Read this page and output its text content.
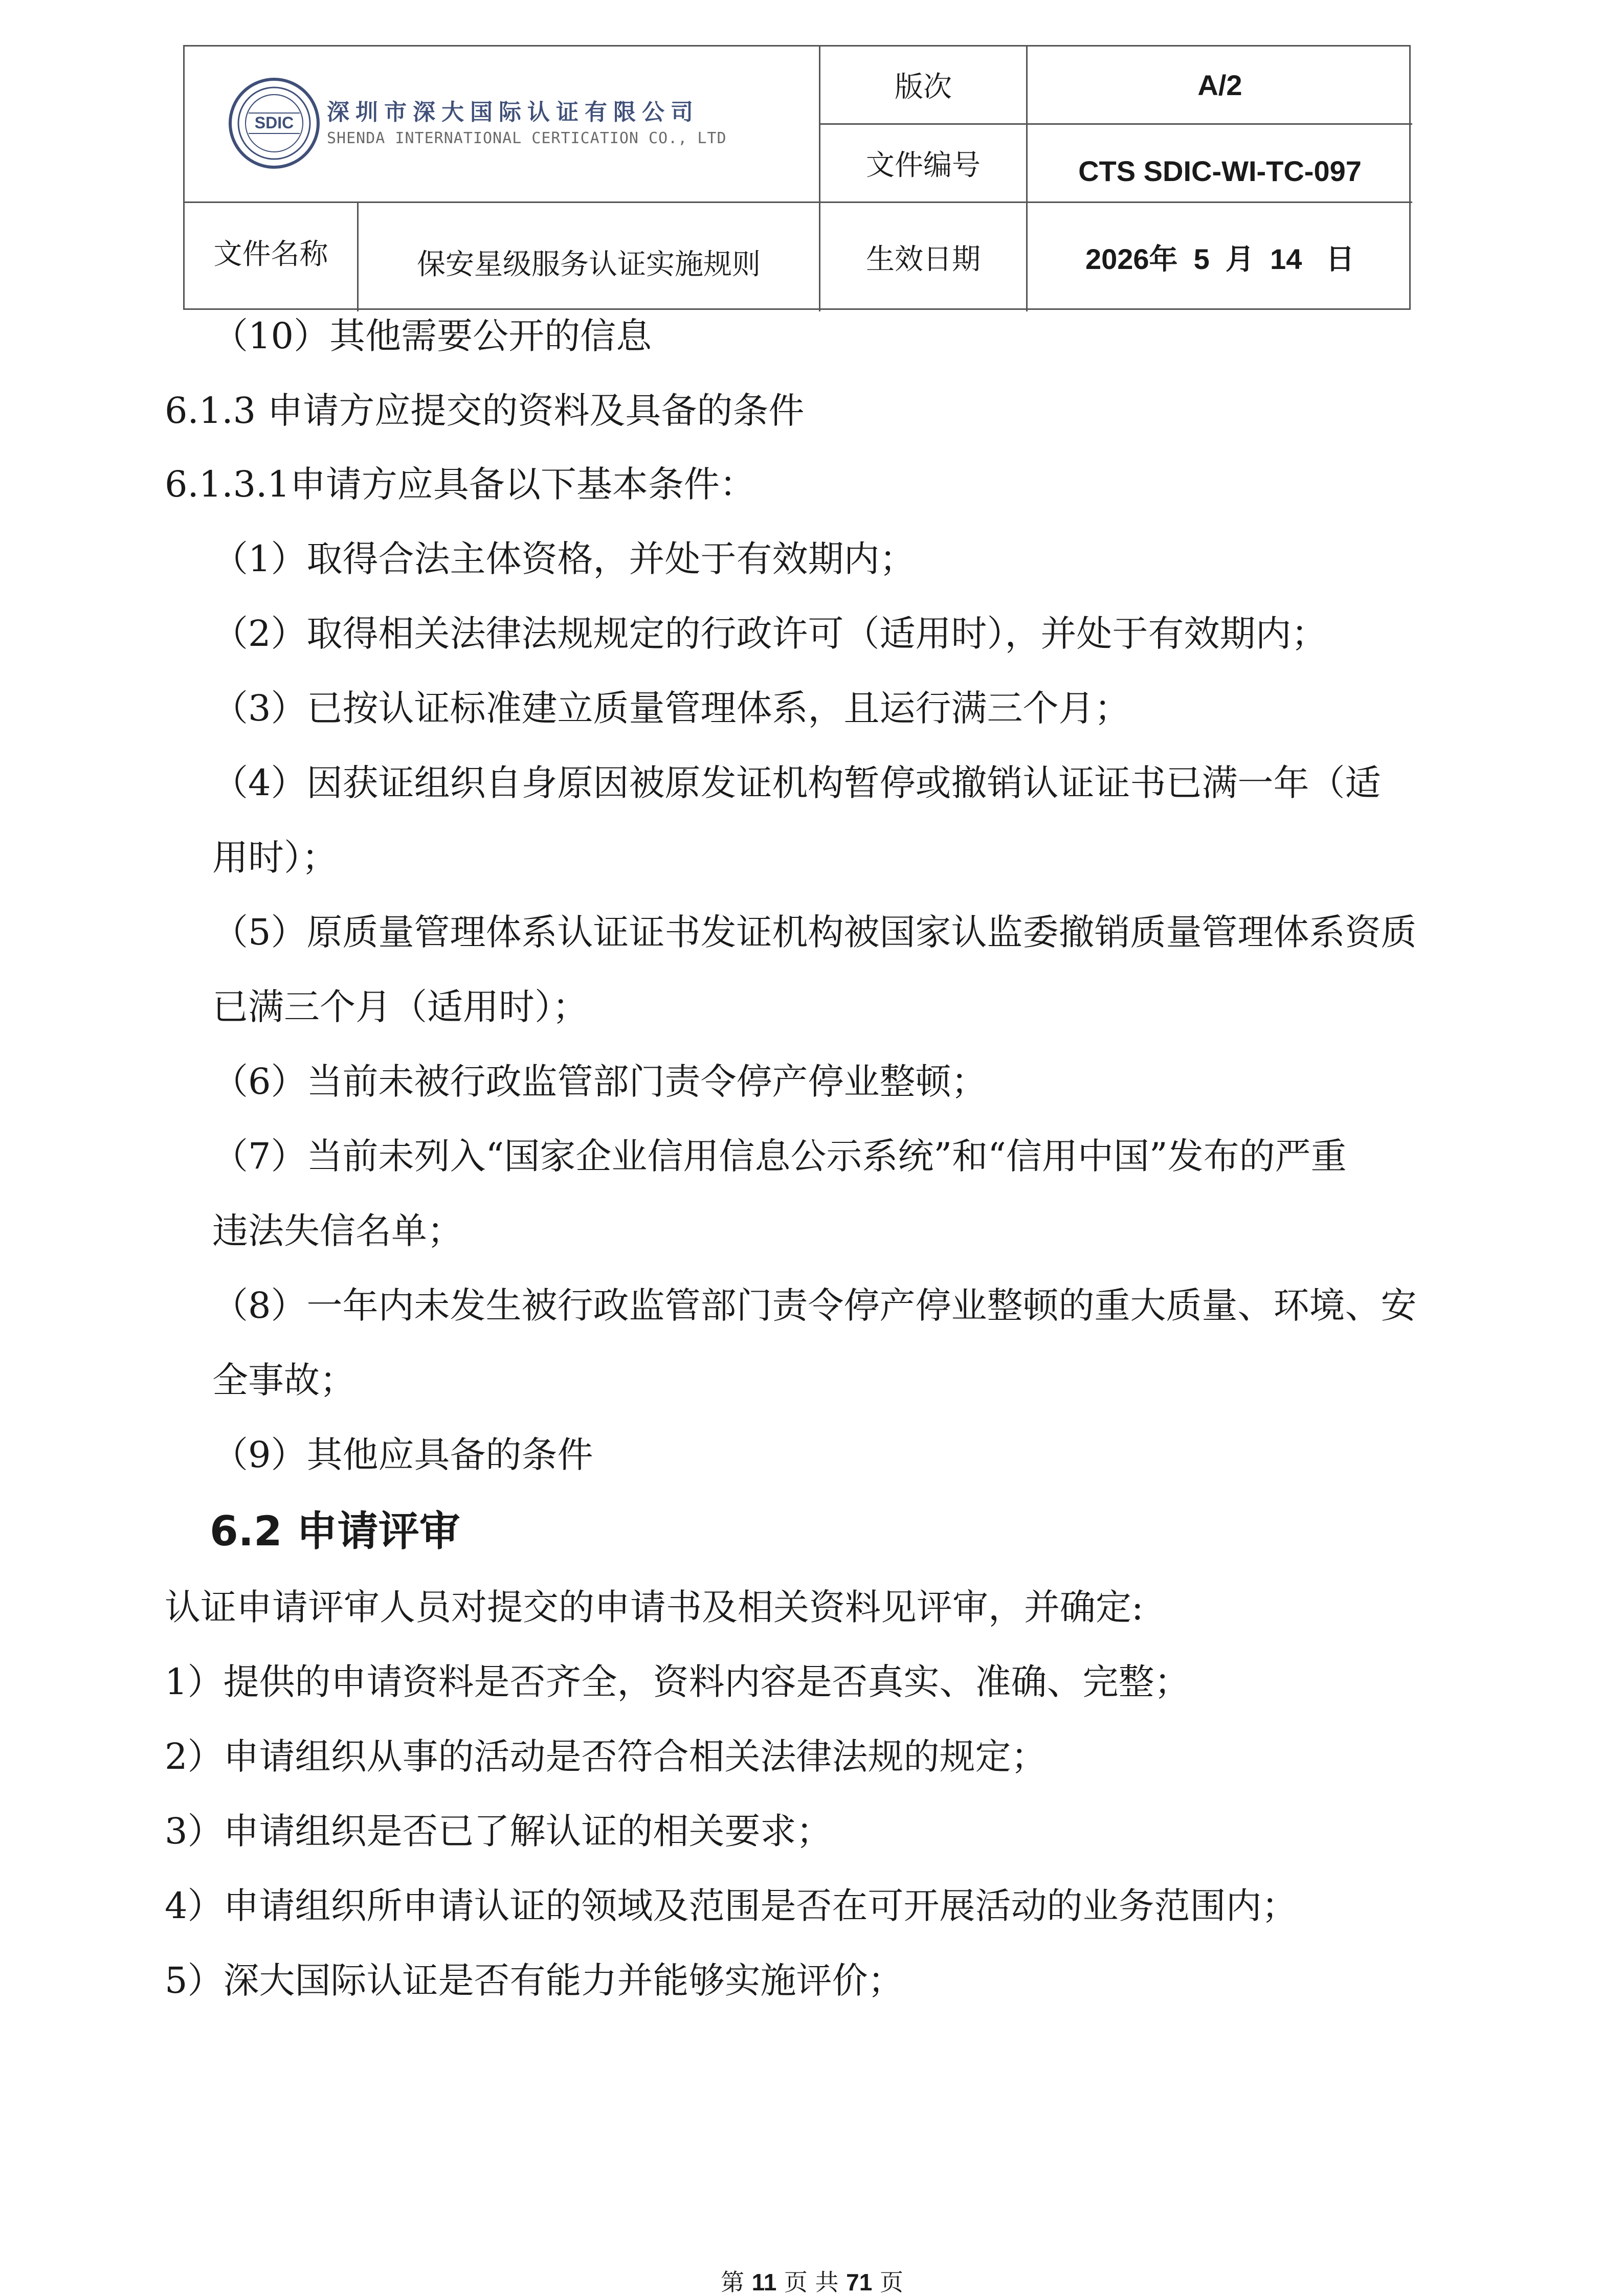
SDIC 深圳市深大国际认证有限公司
SHENDA INTERNATIONAL CERTICATION CO., LTD
版次	A/2
文件编号	CTS SDIC-WI-TC-097
文件名称	保安星级服务认证实施规则	生效日期	2026年  5  月  14   日
（10）其他需要公开的信息
6.1.3 申请方应提交的资料及具备的条件
6.1.3.1申请方应具备以下基本条件：
（1）取得合法主体资格，并处于有效期内；
（2）取得相关法律法规规定的行政许可（适用时），并处于有效期内；
（3）已按认证标准建立质量管理体系，且运行满三个月；
（4）因获证组织自身原因被原发证机构暂停或撤销认证证书已满一年（适
用时）；
（5）原质量管理体系认证证书发证机构被国家认监委撤销质量管理体系资质
已满三个月（适用时）；
（6）当前未被行政监管部门责令停产停业整顿；
（7）当前未列入“国家企业信用信息公示系统”和“信用中国”发布的严重
违法失信名单；
（8）一年内未发生被行政监管部门责令停产停业整顿的重大质量、环境、安
全事故；
（9）其他应具备的条件
6.2 申请评审
认证申请评审人员对提交的申请书及相关资料见评审，并确定:
1）提供的申请资料是否齐全，资料内容是否真实、准确、完整；
2）申请组织从事的活动是否符合相关法律法规的规定；
3）申请组织是否已了解认证的相关要求；
4）申请组织所申请认证的领域及范围是否在可开展活动的业务范围内；
5）深大国际认证是否有能力并能够实施评价；
第 11 页 共 71 页
